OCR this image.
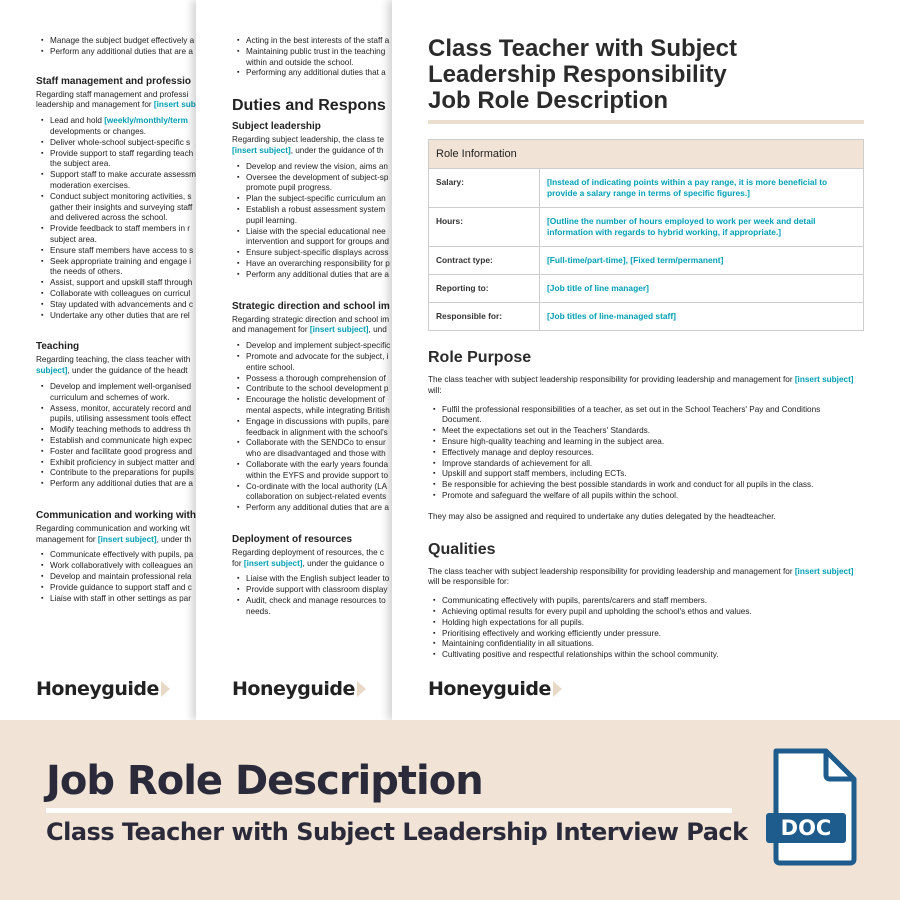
▪ Manage the subject budget effectively a
▪ Perform any additional duties that are a
Staff management and professio
Regarding staff management and professi
leadership and management for [insert sub
▪ Lead and hold [weekly/monthly/term
developments or changes.
▪ Deliver whole-school subject-specific s
▪ Provide support to staff regarding teach
the subject area.
▪ Support staff to make accurate assessm
moderation exercises.
▪ Conduct subject monitoring activities, s
gather their insights and surveying staff
and delivered across the school.
▪ Provide feedback to staff members in r
subject area.
▪ Ensure staff members have access to s
▪ Seek appropriate training and engage i
the needs of others.
▪ Assist, support and upskill staff through
▪ Collaborate with colleagues on curricul
▪ Stay updated with advancements and c
▪ Undertake any other duties that are rel
Teaching
Regarding teaching, the class teacher with
subject], under the guidance of the headt
▪ Develop and implement well-organised
curriculum and schemes of work.
▪ Assess, monitor, accurately record and
pupils, utilising assessment tools effect
▪ Modify teaching methods to address th
▪ Establish and communicate high expec
▪ Foster and facilitate good progress and
▪ Exhibit proficiency in subject matter and
▪ Contribute to the preparations for pupils
▪ Perform any additional duties that are a
Communication and working with
Regarding communication and working wit
management for [insert subject], under th
▪ Communicate effectively with pupils, pa
▪ Work collaboratively with colleagues an
▪ Develop and maintain professional rela
▪ Provide guidance to support staff and c
▪ Liaise with staff in other settings as par
Honeyguide
▪ Acting in the best interests of the staff a
▪ Maintaining public trust in the teaching
within and outside the school.
▪ Performing any additional duties that a
Duties and Respons
Subject leadership
Regarding subject leadership, the class te
[insert subject], under the guidance of th
▪ Develop and review the vision, aims an
▪ Oversee the development of subject-sp
promote pupil progress.
▪ Plan the subject-specific curriculum an
▪ Establish a robust assessment system
pupil learning.
▪ Liaise with the special educational nee
intervention and support for groups and
▪ Ensure subject-specific displays across
▪ Have an overarching responsibility for p
▪ Perform any additional duties that are a
Strategic direction and school im
Regarding strategic direction and school im
and management for [insert subject], und
▪ Develop and implement subject-specific
▪ Promote and advocate for the subject, i
entire school.
▪ Possess a thorough comprehension of
▪ Contribute to the school development p
▪ Encourage the holistic development of
mental aspects, while integrating British
▪ Engage in discussions with pupils, pare
feedback in alignment with the school's
▪ Collaborate with the SENDCo to ensur
who are disadvantaged and those with
▪ Collaborate with the early years founda
within the EYFS and provide support to
▪ Co-ordinate with the local authority (LA
collaboration on subject-related events
▪ Perform any additional duties that are a
Deployment of resources
Regarding deployment of resources, the c
for [insert subject], under the guidance o
▪ Liaise with the English subject leader to
▪ Provide support with classroom display
▪ Audit, check and manage resources to
needs.
Honeyguide
Class Teacher with Subject
Leadership Responsibility
Job Role Description
Role Information	
Salary:	[Instead of indicating points within a pay range, it is more beneficial to provide a salary range in terms of specific figures.]
Hours:	[Outline the number of hours employed to work per week and detail information with regards to hybrid working, if appropriate.]
Contract type:	[Full-time/part-time], [Fixed term/permanent]
Reporting to:	[Job title of line manager]
Responsible for:	[Job titles of line-managed staff]
Role Purpose
The class teacher with subject leadership responsibility for providing leadership and management for [insert subject]
will:
▪ Fulfil the professional responsibilities of a teacher, as set out in the School Teachers' Pay and Conditions
Document.
▪ Meet the expectations set out in the Teachers' Standards.
▪ Ensure high-quality teaching and learning in the subject area.
▪ Effectively manage and deploy resources.
▪ Improve standards of achievement for all.
▪ Upskill and support staff members, including ECTs.
▪ Be responsible for achieving the best possible standards in work and conduct for all pupils in the class.
▪ Promote and safeguard the welfare of all pupils within the school.
They may also be assigned and required to undertake any duties delegated by the headteacher.
Qualities
The class teacher with subject leadership responsibility for providing leadership and management for [insert subject]
will be responsible for:
▪ Communicating effectively with pupils, parents/carers and staff members.
▪ Achieving optimal results for every pupil and upholding the school's ethos and values.
▪ Holding high expectations for all pupils.
▪ Prioritising effectively and working efficiently under pressure.
▪ Maintaining confidentiality in all situations.
▪ Cultivating positive and respectful relationships within the school community.
Honeyguide
Job Role Description
Class Teacher with Subject Leadership Interview Pack DOC
